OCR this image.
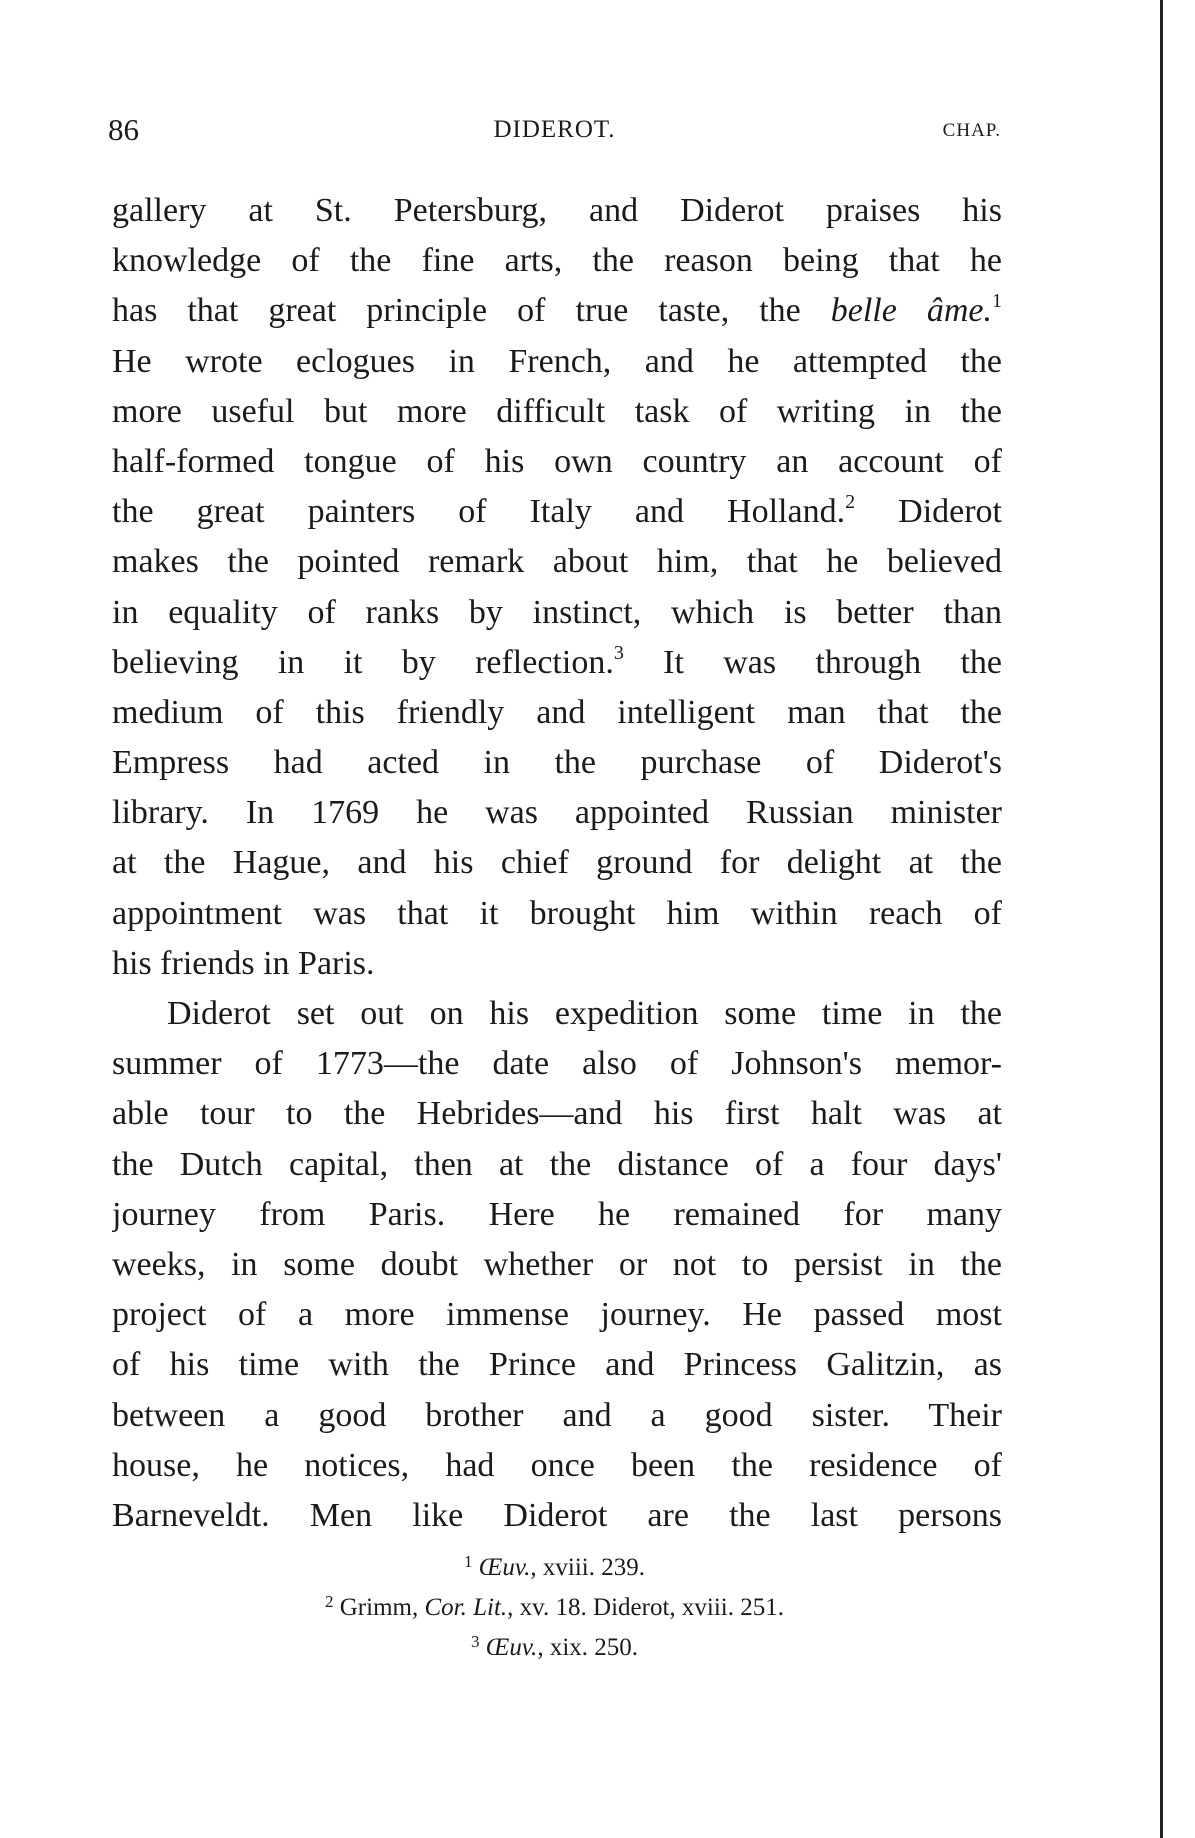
86	DIDEROT.	CHAP.
gallery at St. Petersburg, and Diderot praises his
knowledge of the fine arts, the reason being that he
has that great principle of true taste, the belle âme.$^1$
He wrote eclogues in French, and he attempted the
more useful but more difficult task of writing in the
half-formed tongue of his own country an account of
the great painters of Italy and Holland.$^2$ Diderot
makes the pointed remark about him, that he believed
in equality of ranks by instinct, which is better than
believing in it by reflection.$^3$ It was through the
medium of this friendly and intelligent man that the
Empress had acted in the purchase of Diderot's
library. In 1769 he was appointed Russian minister
at the Hague, and his chief ground for delight at the
appointment was that it brought him within reach of
his friends in Paris.
Diderot set out on his expedition some time in the
summer of 1773—the date also of Johnson's memor-
able tour to the Hebrides—and his first halt was at
the Dutch capital, then at the distance of a four days'
journey from Paris. Here he remained for many
weeks, in some doubt whether or not to persist in the
project of a more immense journey. He passed most
of his time with the Prince and Princess Galitzin, as
between a good brother and a good sister. Their
house, he notices, had once been the residence of
Barneveldt. Men like Diderot are the last persons
$^1$ Œuv., xviii. 239.
$^2$ Grimm, Cor. Lit., xv. 18. Diderot, xviii. 251.
$^3$ Œuv., xix. 250.
